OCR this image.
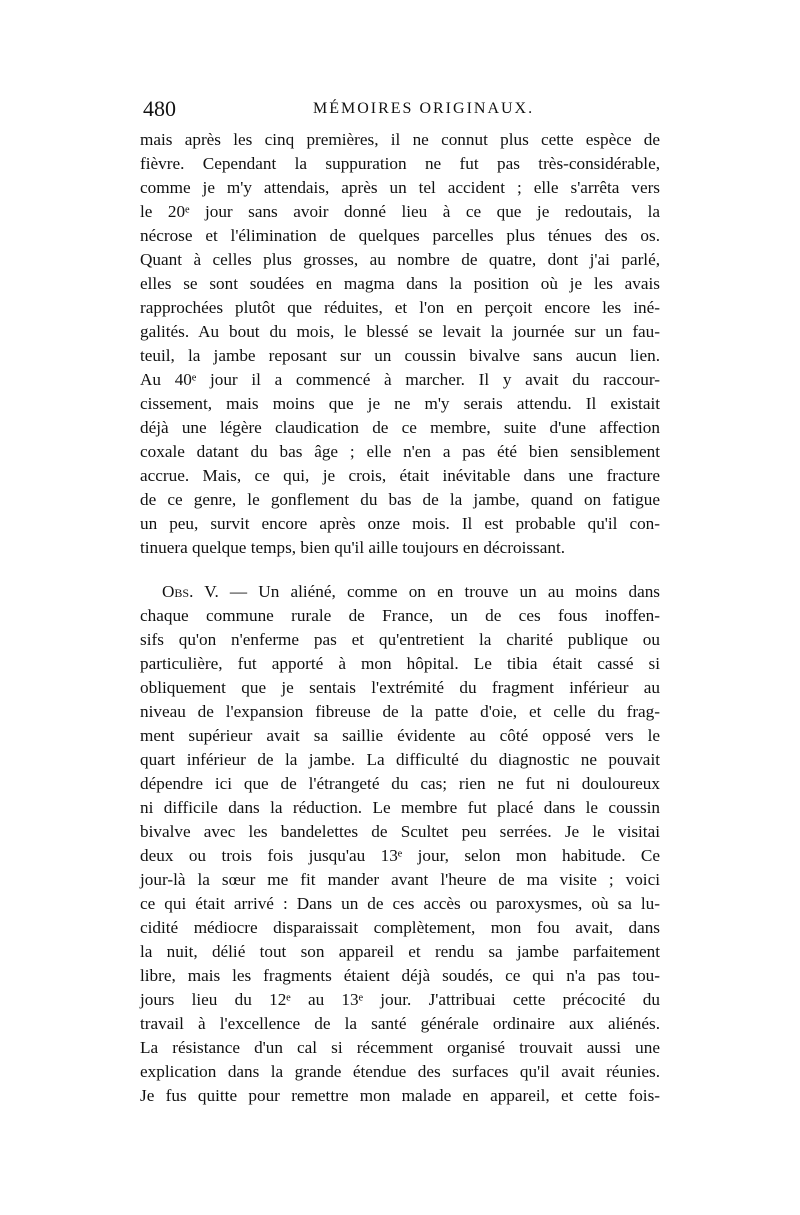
480	MÉMOIRES ORIGINAUX.
mais après les cinq premières, il ne connut plus cette espèce de
fièvre. Cependant la suppuration ne fut pas très-considérable,
comme je m'y attendais, après un tel accident ; elle s'arrêta vers
le 20ᵉ jour sans avoir donné lieu à ce que je redoutais, la
nécrose et l'élimination de quelques parcelles plus ténues des os.
Quant à celles plus grosses, au nombre de quatre, dont j'ai parlé,
elles se sont soudées en magma dans la position où je les avais
rapprochées plutôt que réduites, et l'on en perçoit encore les iné-
galités. Au bout du mois, le blessé se levait la journée sur un fau-
teuil, la jambe reposant sur un coussin bivalve sans aucun lien.
Au 40ᵉ jour il a commencé à marcher. Il y avait du raccour-
cissement, mais moins que je ne m'y serais attendu. Il existait
déjà une légère claudication de ce membre, suite d'une affection
coxale datant du bas âge ; elle n'en a pas été bien sensiblement
accrue. Mais, ce qui, je crois, était inévitable dans une fracture
de ce genre, le gonflement du bas de la jambe, quand on fatigue
un peu, survit encore après onze mois. Il est probable qu'il con-
tinuera quelque temps, bien qu'il aille toujours en décroissant.
Obs. V. — Un aliéné, comme on en trouve un au moins dans
chaque commune rurale de France, un de ces fous inoffen-
sifs qu'on n'enferme pas et qu'entretient la charité publique ou
particulière, fut apporté à mon hôpital. Le tibia était cassé si
obliquement que je sentais l'extrémité du fragment inférieur au
niveau de l'expansion fibreuse de la patte d'oie, et celle du frag-
ment supérieur avait sa saillie évidente au côté opposé vers le
quart inférieur de la jambe. La difficulté du diagnostic ne pouvait
dépendre ici que de l'étrangeté du cas; rien ne fut ni douloureux
ni difficile dans la réduction. Le membre fut placé dans le coussin
bivalve avec les bandelettes de Scultet peu serrées. Je le visitai
deux ou trois fois jusqu'au 13ᵉ jour, selon mon habitude. Ce
jour-là la sœur me fit mander avant l'heure de ma visite ; voici
ce qui était arrivé : Dans un de ces accès ou paroxysmes, où sa lu-
cidité médiocre disparaissait complètement, mon fou avait, dans
la nuit, délié tout son appareil et rendu sa jambe parfaitement
libre, mais les fragments étaient déjà soudés, ce qui n'a pas tou-
jours lieu du 12ᵉ au 13ᵉ jour. J'attribuai cette précocité du
travail à l'excellence de la santé générale ordinaire aux aliénés.
La résistance d'un cal si récemment organisé trouvait aussi une
explication dans la grande étendue des surfaces qu'il avait réunies.
Je fus quitte pour remettre mon malade en appareil, et cette fois-
